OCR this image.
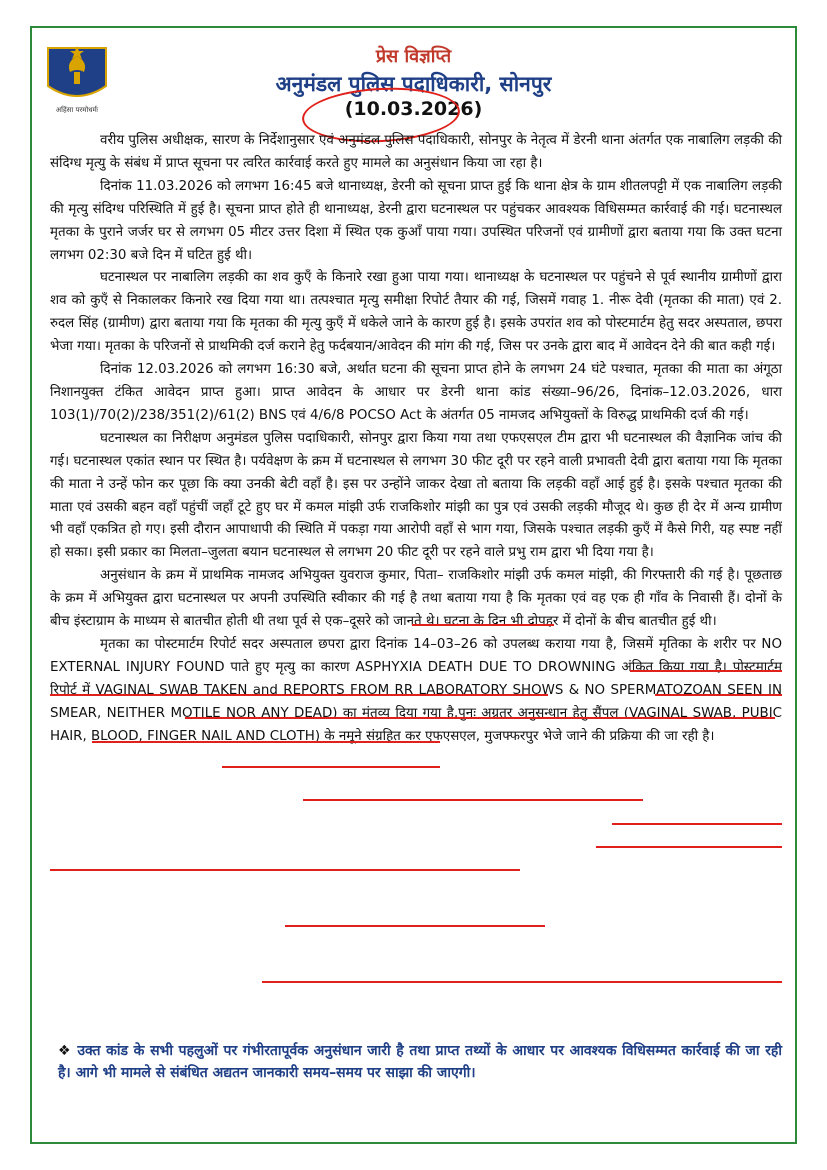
अहिंसा परमोधर्मः
प्रेस विज्ञप्ति
अनुमंडल पुलिस पदाधिकारी, सोनपुर
(10.03.2026)

वरीय पुलिस अधीक्षक, सारण के निर्देशानुसार एवं अनुमंडल पुलिस पदाधिकारी, सोनपुर के नेतृत्व में डेरनी थाना अंतर्गत एक नाबालिग लड़की की संदिग्ध मृत्यु के संबंध में प्राप्त सूचना पर त्वरित कार्रवाई करते हुए मामले का अनुसंधान किया जा रहा है।

दिनांक 11.03.2026 को लगभग 16:45 बजे थानाध्यक्ष, डेरनी को सूचना प्राप्त हुई कि थाना क्षेत्र के ग्राम शीतलपट्टी में एक नाबालिग लड़की की मृत्यु संदिग्ध परिस्थिति में हुई है। सूचना प्राप्त होते ही थानाध्यक्ष, डेरनी द्वारा घटनास्थल पर पहुंचकर आवश्यक विधिसम्मत कार्रवाई की गई। घटनास्थल मृतका के पुराने जर्जर घर से लगभग 05 मीटर उत्तर दिशा में स्थित एक कुआँ पाया गया। उपस्थित परिजनों एवं ग्रामीणों द्वारा बताया गया कि उक्त घटना लगभग 02:30 बजे दिन में घटित हुई थी।

घटनास्थल पर नाबालिग लड़की का शव कुएँ के किनारे रखा हुआ पाया गया। थानाध्यक्ष के घटनास्थल पर पहुंचने से पूर्व स्थानीय ग्रामीणों द्वारा शव को कुएँ से निकालकर किनारे रख दिया गया था। तत्पश्चात मृत्यु समीक्षा रिपोर्ट तैयार की गई, जिसमें गवाह 1. नीरू देवी (मृतका की माता) एवं 2. रुदल सिंह (ग्रामीण) द्वारा बताया गया कि मृतका की मृत्यु कुएँ में धकेले जाने के कारण हुई है। इसके उपरांत शव को पोस्टमार्टम हेतु सदर अस्पताल, छपरा भेजा गया। मृतका के परिजनों से प्राथमिकी दर्ज कराने हेतु फर्दबयान/आवेदन की मांग की गई, जिस पर उनके द्वारा बाद में आवेदन देने की बात कही गई।

दिनांक 12.03.2026 को लगभग 16:30 बजे, अर्थात घटना की सूचना प्राप्त होने के लगभग 24 घंटे पश्चात, मृतका की माता का अंगूठा निशानयुक्त टंकित आवेदन प्राप्त हुआ। प्राप्त आवेदन के आधार पर डेरनी थाना कांड संख्या–96/26, दिनांक–12.03.2026, धारा 103(1)/70(2)/238/351(2)/61(2) BNS एवं 4/6/8 POCSO Act के अंतर्गत 05 नामजद अभियुक्तों के विरुद्ध प्राथमिकी दर्ज की गई।

घटनास्थल का निरीक्षण अनुमंडल पुलिस पदाधिकारी, सोनपुर द्वारा किया गया तथा एफएसएल टीम द्वारा भी घटनास्थल की वैज्ञानिक जांच की गई। घटनास्थल एकांत स्थान पर स्थित है। पर्यवेक्षण के क्रम में घटनास्थल से लगभग 30 फीट दूरी पर रहने वाली प्रभावती देवी द्वारा बताया गया कि मृतका की माता ने उन्हें फोन कर पूछा कि क्या उनकी बेटी वहाँ है। इस पर उन्होंने जाकर देखा तो बताया कि लड़की वहाँ आई हुई है। इसके पश्चात मृतका की माता एवं उसकी बहन वहाँ पहुंचीं जहाँ टूटे हुए घर में कमल मांझी उर्फ राजकिशोर मांझी का पुत्र एवं उसकी लड़की मौजूद थे। कुछ ही देर में अन्य ग्रामीण भी वहाँ एकत्रित हो गए। इसी दौरान आपाधापी की स्थिति में पकड़ा गया आरोपी वहाँ से भाग गया, जिसके पश्चात लड़की कुएँ में कैसे गिरी, यह स्पष्ट नहीं हो सका। इसी प्रकार का मिलता–जुलता बयान घटनास्थल से लगभग 20 फीट दूरी पर रहने वाले प्रभु राम द्वारा भी दिया गया है।

अनुसंधान के क्रम में प्राथमिक नामजद अभियुक्त युवराज कुमार, पिता– राजकिशोर मांझी उर्फ कमल मांझी, की गिरफ्तारी की गई है। पूछताछ के क्रम में अभियुक्त द्वारा घटनास्थल पर अपनी उपस्थिति स्वीकार की गई है तथा बताया गया है कि मृतका एवं वह एक ही गाँव के निवासी हैं। दोनों के बीच इंस्टाग्राम के माध्यम से बातचीत होती थी तथा पूर्व से एक–दूसरे को जानते थे। घटना के दिन भी दोपहर में दोनों के बीच बातचीत हुई थी।

मृतका का पोस्टमार्टम रिपोर्ट सदर अस्पताल छपरा द्वारा दिनांक 14–03–26 को उपलब्ध कराया गया है, जिसमें मृतिका के शरीर पर NO EXTERNAL INJURY FOUND पाते हुए मृत्यु का कारण ASPHYXIA DEATH DUE TO DROWNING अंकित किया गया है। पोस्टमार्टम रिपोर्ट में VAGINAL SWAB TAKEN and REPORTS FROM RR LABORATORY SHOWS & NO SPERMATOZOAN SEEN IN SMEAR, NEITHER MOTILE NOR ANY DEAD) का मंतव्य दिया गया है,पुनः अग्रतर अनुसन्धान हेतु सैंपल (VAGINAL SWAB, PUBIC HAIR, BLOOD, FINGER NAIL AND CLOTH) के नमूने संग्रहित कर एफएसएल, मुजफ्फरपुर भेजे जाने की प्रक्रिया की जा रही है।

❖ उक्त कांड के सभी पहलुओं पर गंभीरतापूर्वक अनुसंधान जारी है तथा प्राप्त तथ्यों के आधार पर आवश्यक विधिसम्मत कार्रवाई की जा रही है। आगे भी मामले से संबंधित अद्यतन जानकारी समय–समय पर साझा की जाएगी।
